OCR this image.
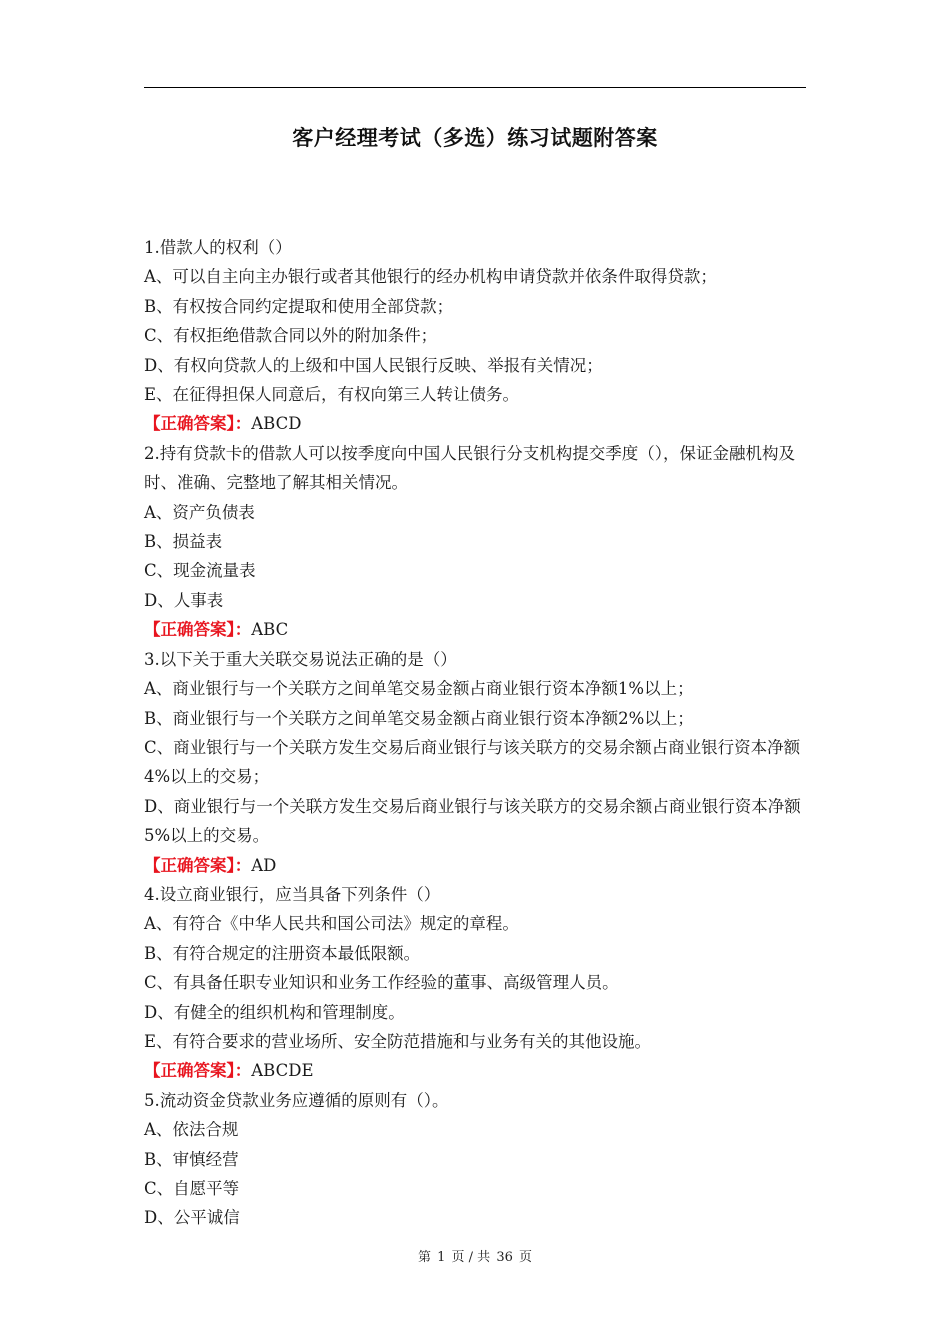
客户经理考试（多选）练习试题附答案
1.借款人的权利（）
A、可以自主向主办银行或者其他银行的经办机构申请贷款并依条件取得贷款；
B、有权按合同约定提取和使用全部贷款；
C、有权拒绝借款合同以外的附加条件；
D、有权向贷款人的上级和中国人民银行反映、举报有关情况；
E、在征得担保人同意后，有权向第三人转让债务。
【正确答案】：ABCD
2.持有贷款卡的借款人可以按季度向中国人民银行分支机构提交季度（），保证金融机构及时、准确、完整地了解其相关情况。
A、资产负债表
B、损益表
C、现金流量表
D、人事表
【正确答案】：ABC
3.以下关于重大关联交易说法正确的是（）
A、商业银行与一个关联方之间单笔交易金额占商业银行资本净额1%以上；
B、商业银行与一个关联方之间单笔交易金额占商业银行资本净额2%以上；
C、商业银行与一个关联方发生交易后商业银行与该关联方的交易余额占商业银行资本净额4%以上的交易；
D、商业银行与一个关联方发生交易后商业银行与该关联方的交易余额占商业银行资本净额5%以上的交易。
【正确答案】：AD
4.设立商业银行，应当具备下列条件（）
A、有符合《中华人民共和国公司法》规定的章程。
B、有符合规定的注册资本最低限额。
C、有具备任职专业知识和业务工作经验的董事、高级管理人员。
D、有健全的组织机构和管理制度。
E、有符合要求的营业场所、安全防范措施和与业务有关的其他设施。
【正确答案】：ABCDE
5.流动资金贷款业务应遵循的原则有（）。
A、依法合规
B、审慎经营
C、自愿平等
D、公平诚信
第 1 页 / 共 36 页
